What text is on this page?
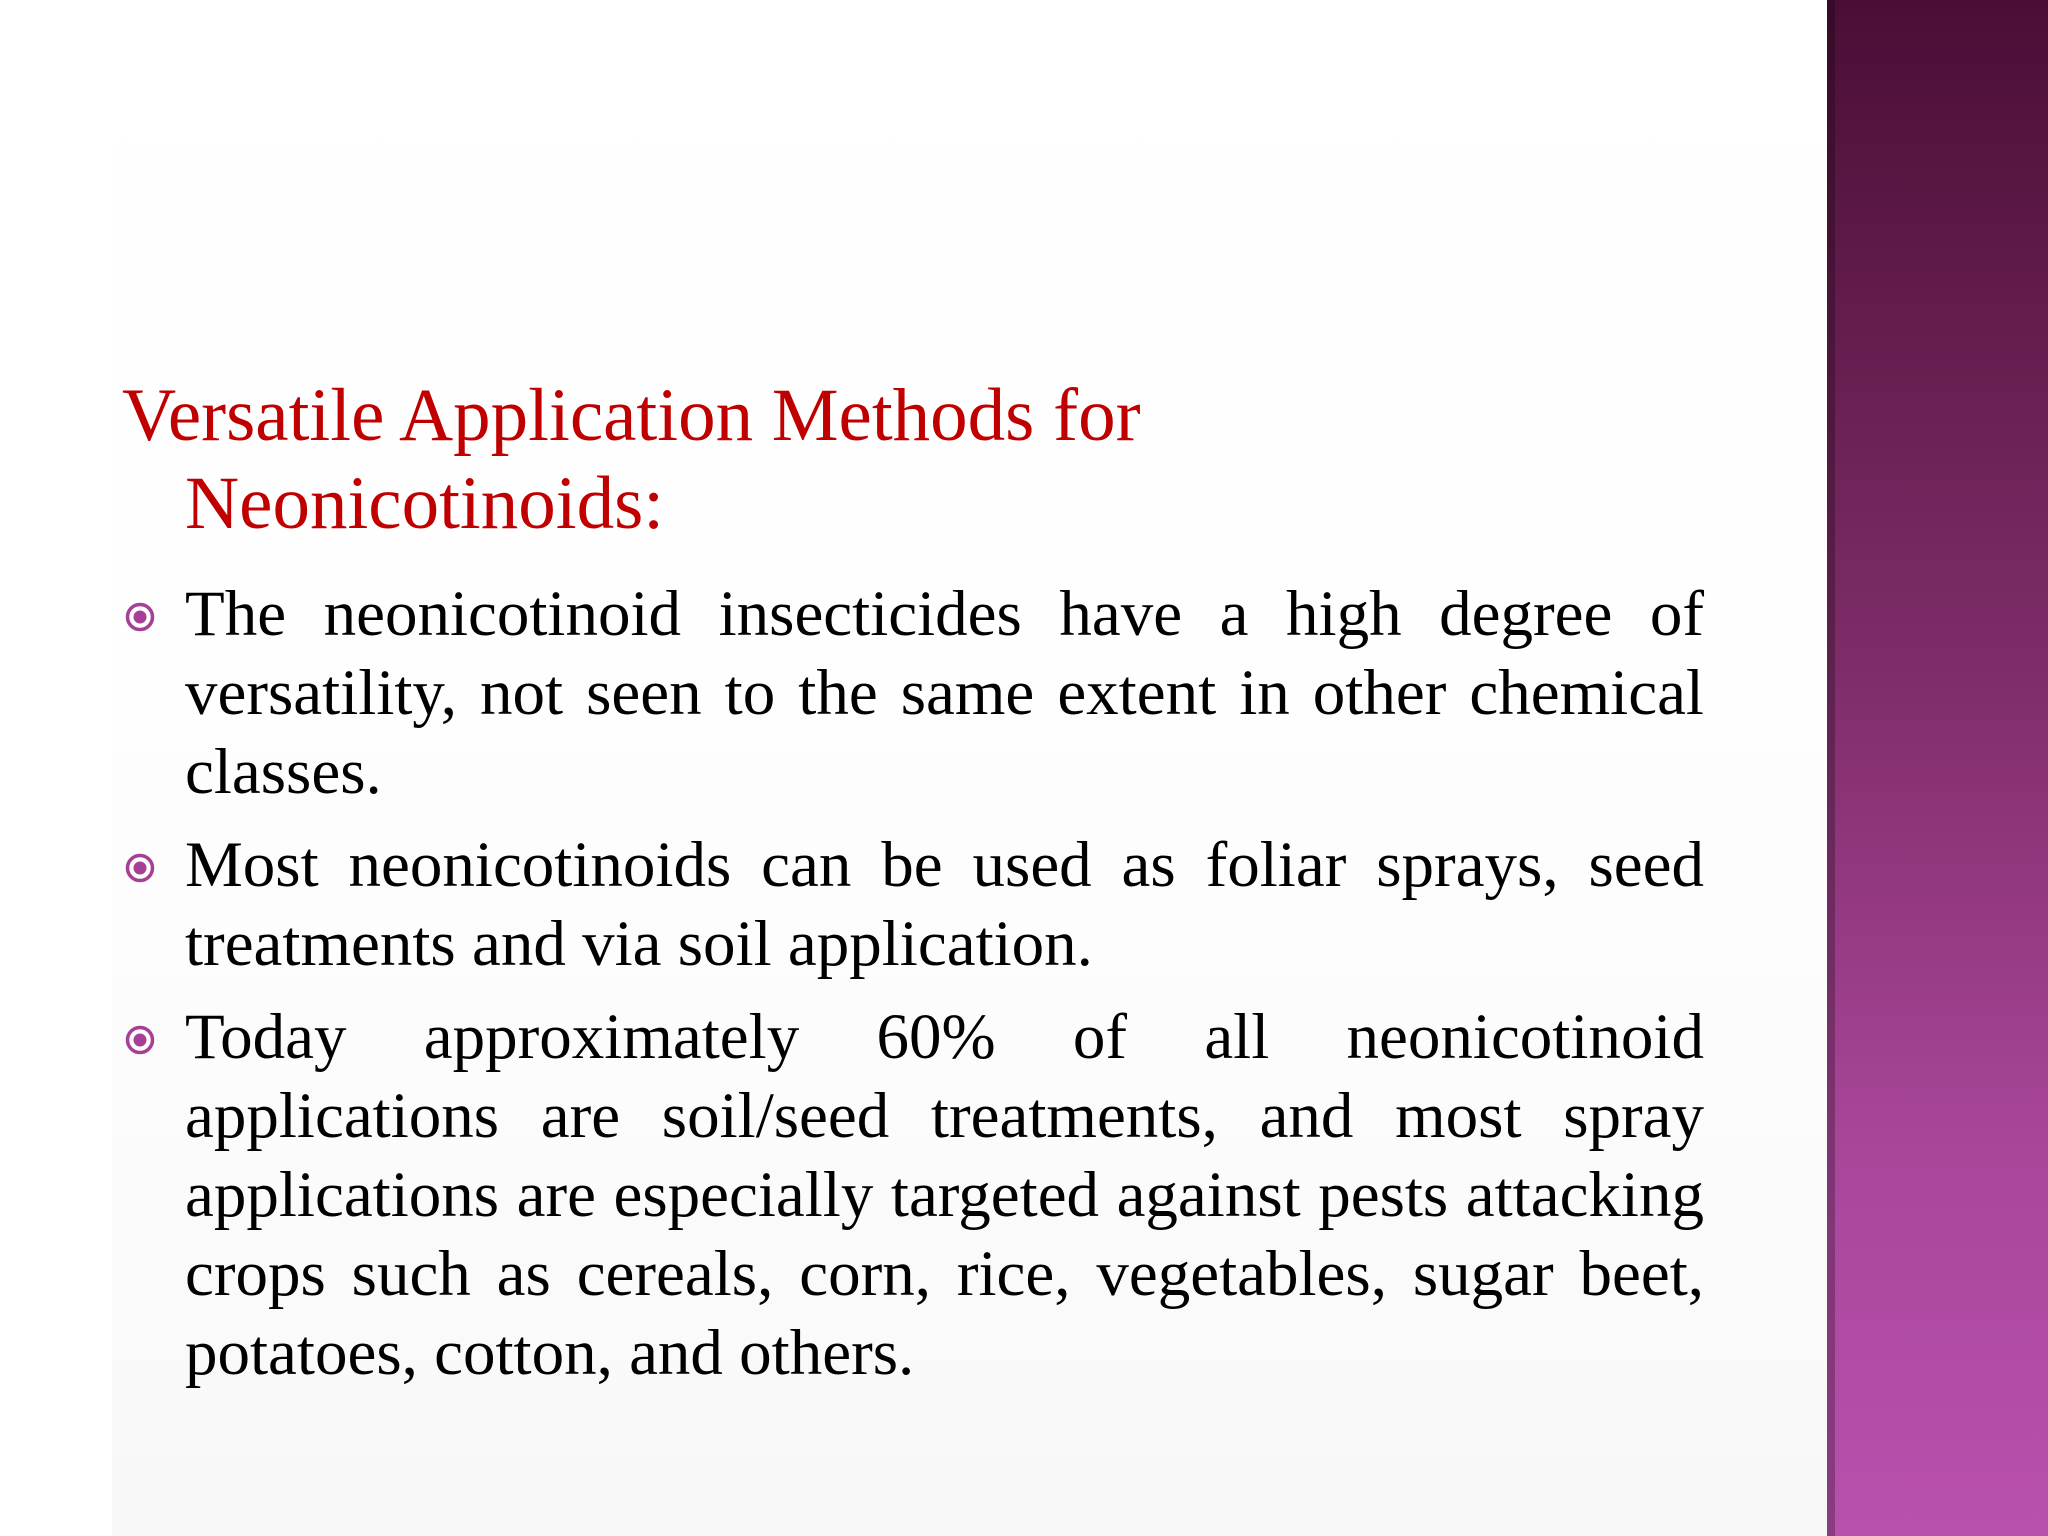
Versatile Application Methods for
Neonicotinoids:
The neonicotinoid insecticides have a high degree of versatility, not seen to the same extent in other chemical classes.
Most neonicotinoids can be used as foliar sprays, seed treatments and via soil application.
Today approximately 60% of all neonicotinoid applications are soil/seed treatments, and most spray applications are especially targeted against pests attacking crops such as cereals, corn, rice, vegetables, sugar beet, potatoes, cotton, and others.
